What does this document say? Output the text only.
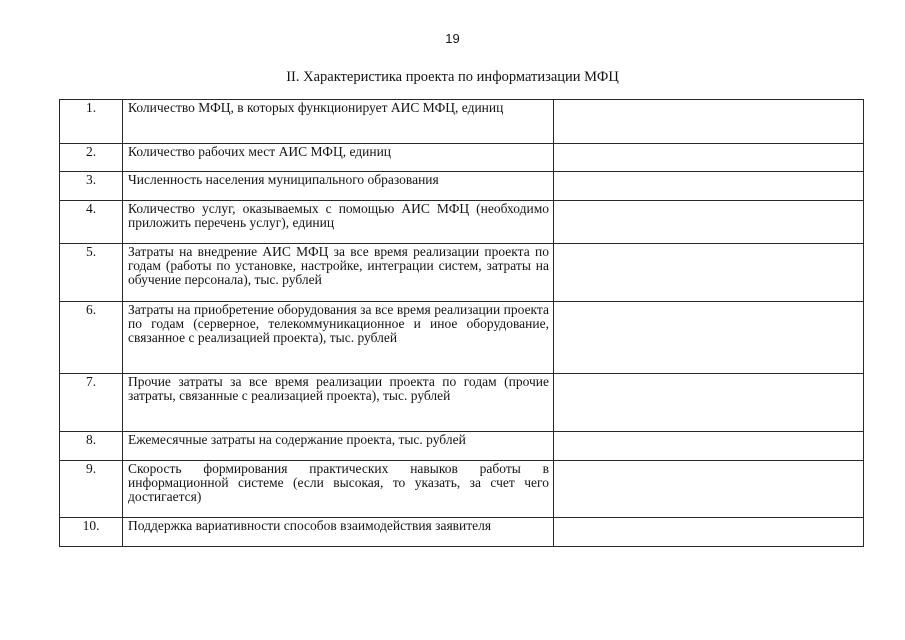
19
II. Характеристика проекта по информатизации МФЦ
1.	Количество МФЦ, в которых функционирует АИС МФЦ, единиц	
2.	Количество рабочих мест АИС МФЦ, единиц	
3.	Численность населения муниципального образования	
4.	Количество услуг, оказываемых с помощью АИС МФЦ (необходимо приложить перечень услуг), единиц	
5.	Затраты на внедрение АИС МФЦ за все время реализации проекта по годам (работы по установке, настройке, интеграции систем, затраты на обучение персонала), тыс. рублей	
6.	Затраты на приобретение оборудования за все время реализации проекта по годам (серверное, телекоммуникационное и иное оборудование, связанное с реализацией проекта), тыс. рублей	
7.	Прочие затраты за все время реализации проекта по годам (прочие затраты, связанные с реализацией проекта), тыс. рублей	
8.	Ежемесячные затраты на содержание проекта, тыс. рублей	
9.	Скорость формирования практических навыков работы в информационной системе (если высокая, то указать, за счет чего достигается)	
10.	Поддержка вариативности способов взаимодействия заявителя	
